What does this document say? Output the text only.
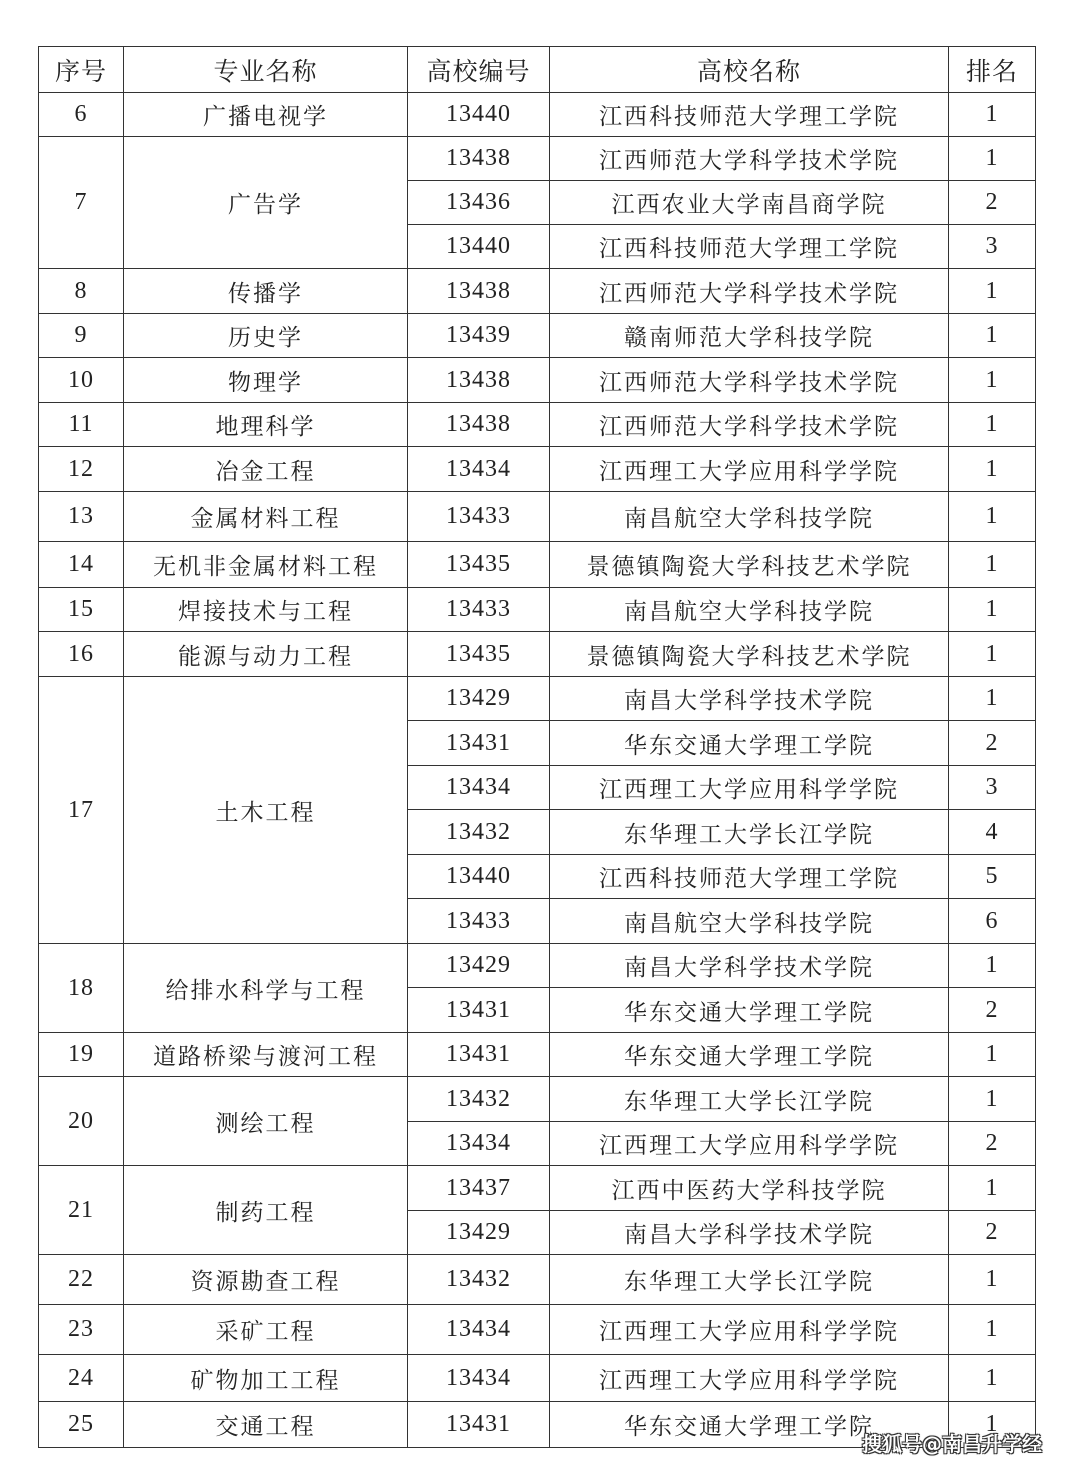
序号	专业名称	高校编号	高校名称	排名
6	广播电视学	13440	江西科技师范大学理工学院	1
7	广告学	13438	江西师范大学科学技术学院	1
		13436	江西农业大学南昌商学院	2
		13440	江西科技师范大学理工学院	3
8	传播学	13438	江西师范大学科学技术学院	1
9	历史学	13439	赣南师范大学科技学院	1
10	物理学	13438	江西师范大学科学技术学院	1
11	地理科学	13438	江西师范大学科学技术学院	1
12	冶金工程	13434	江西理工大学应用科学学院	1
13	金属材料工程	13433	南昌航空大学科技学院	1
14	无机非金属材料工程	13435	景德镇陶瓷大学科技艺术学院	1
15	焊接技术与工程	13433	南昌航空大学科技学院	1
16	能源与动力工程	13435	景德镇陶瓷大学科技艺术学院	1
17	土木工程	13429	南昌大学科学技术学院	1
		13431	华东交通大学理工学院	2
		13434	江西理工大学应用科学学院	3
		13432	东华理工大学长江学院	4
		13440	江西科技师范大学理工学院	5
		13433	南昌航空大学科技学院	6
18	给排水科学与工程	13429	南昌大学科学技术学院	1
		13431	华东交通大学理工学院	2
19	道路桥梁与渡河工程	13431	华东交通大学理工学院	1
20	测绘工程	13432	东华理工大学长江学院	1
		13434	江西理工大学应用科学学院	2
21	制药工程	13437	江西中医药大学科技学院	1
		13429	南昌大学科学技术学院	2
22	资源勘查工程	13432	东华理工大学长江学院	1
23	采矿工程	13434	江西理工大学应用科学学院	1
24	矿物加工工程	13434	江西理工大学应用科学学院	1
25	交通工程	13431	华东交通大学理工学院	1
搜狐号@南昌升学经
